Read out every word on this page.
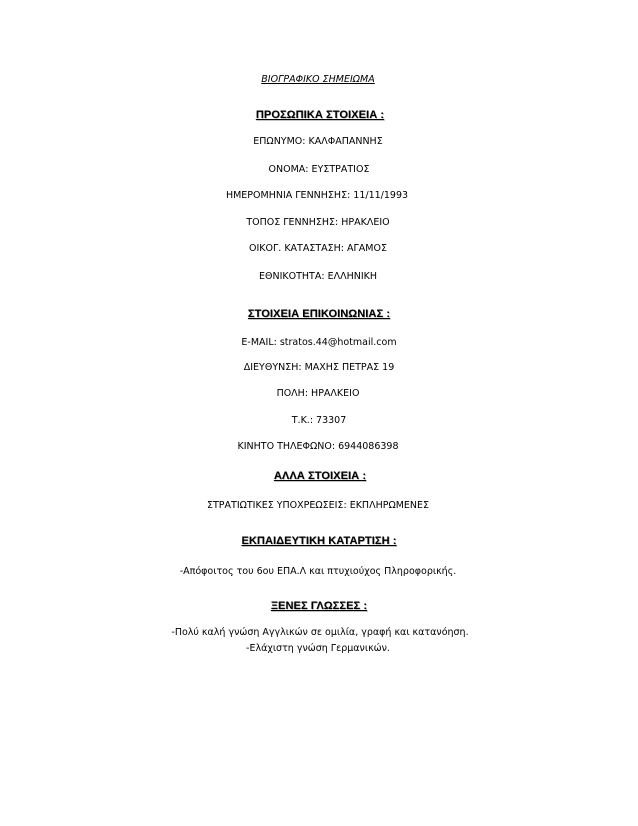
ΒΙΟΓΡΑΦΙΚΟ ΣΗΜΕΙΩΜΑ
ΠΡΟΣΩΠΙΚΑ ΣΤΟΙΧΕΙΑ :
ΕΠΩΝΥΜΟ: ΚΑΛΦΑΠΑΝΝΗΣ
ΟΝΟΜΑ: ΕΥΣΤΡΑΤΙΟΣ
ΗΜΕΡΟΜΗΝΙΑ ΓΕΝΝΗΣΗΣ: 11/11/1993
ΤΟΠΟΣ ΓΕΝΝΗΣΗΣ: ΗΡΑΚΛΕΙΟ
ΟΙΚΟΓ. ΚΑΤΑΣΤΑΣΗ: ΑΓΑΜΟΣ
ΕΘΝΙΚΟΤΗΤΑ: ΕΛΛΗΝΙΚΗ
ΣΤΟΙΧΕΙΑ ΕΠΙΚΟΙΝΩΝΙΑΣ :
E-MAIL: stratos.44@hotmail.com
ΔΙΕΥΘΥΝΣΗ: ΜΑΧΗΣ ΠΕΤΡΑΣ 19
ΠΟΛΗ: ΗΡΑΛΚΕΙΟ
Τ.Κ.: 73307
ΚΙΝΗΤΟ ΤΗΛΕΦΩΝΟ: 6944086398
ΑΛΛΑ ΣΤΟΙΧΕΙΑ :
ΣΤΡΑΤΙΩΤΙΚΕΣ ΥΠΟΧΡΕΩΣΕΙΣ: ΕΚΠΛΗΡΩΜΕΝΕΣ
ΕΚΠΑΙΔΕΥΤΙΚΗ ΚΑΤΑΡΤΙΣΗ :
-Απόφοιτος του 6ου ΕΠΑ.Λ και πτυχιούχος Πληροφορικής.
ΞΕΝΕΣ ΓΛΩΣΣΕΣ :
-Πολύ καλή γνώση Αγγλικών σε ομιλία, γραφή και κατανόηση.
-Ελάχιστη γνώση Γερμανικών.
